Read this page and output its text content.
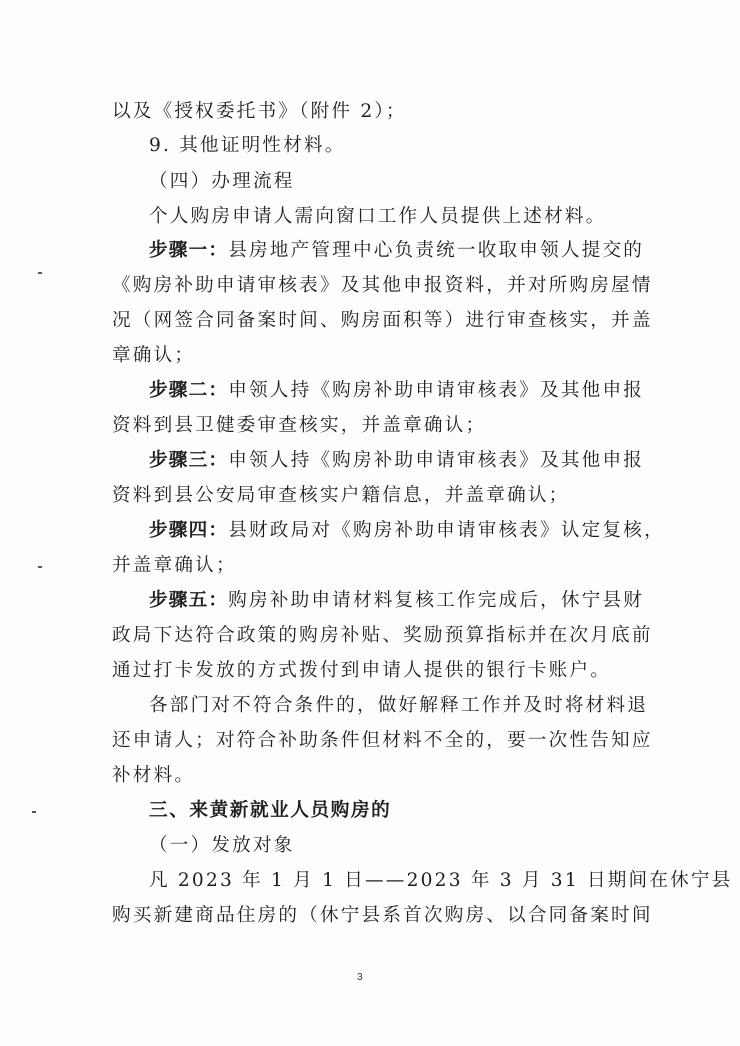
以及《授权委托书》（附件 2）；
9. 其他证明性材料。
（四）办理流程
个人购房申请人需向窗口工作人员提供上述材料。
步骤一：县房地产管理中心负责统一收取申领人提交的
《购房补助申请审核表》及其他申报资料，并对所购房屋情
况（网签合同备案时间、购房面积等）进行审查核实，并盖
章确认；
步骤二：申领人持《购房补助申请审核表》及其他申报
资料到县卫健委审查核实，并盖章确认；
步骤三：申领人持《购房补助申请审核表》及其他申报
资料到县公安局审查核实户籍信息，并盖章确认；
步骤四：县财政局对《购房补助申请审核表》认定复核，
并盖章确认；
步骤五：购房补助申请材料复核工作完成后，休宁县财
政局下达符合政策的购房补贴、奖励预算指标并在次月底前
通过打卡发放的方式拨付到申请人提供的银行卡账户。
各部门对不符合条件的，做好解释工作并及时将材料退
还申请人；对符合补助条件但材料不全的，要一次性告知应
补材料。
三、来黄新就业人员购房的
（一）发放对象
凡 2023 年 1 月 1 日——2023 年 3 月 31 日期间在休宁县
购买新建商品住房的（休宁县系首次购房、以合同备案时间
3
